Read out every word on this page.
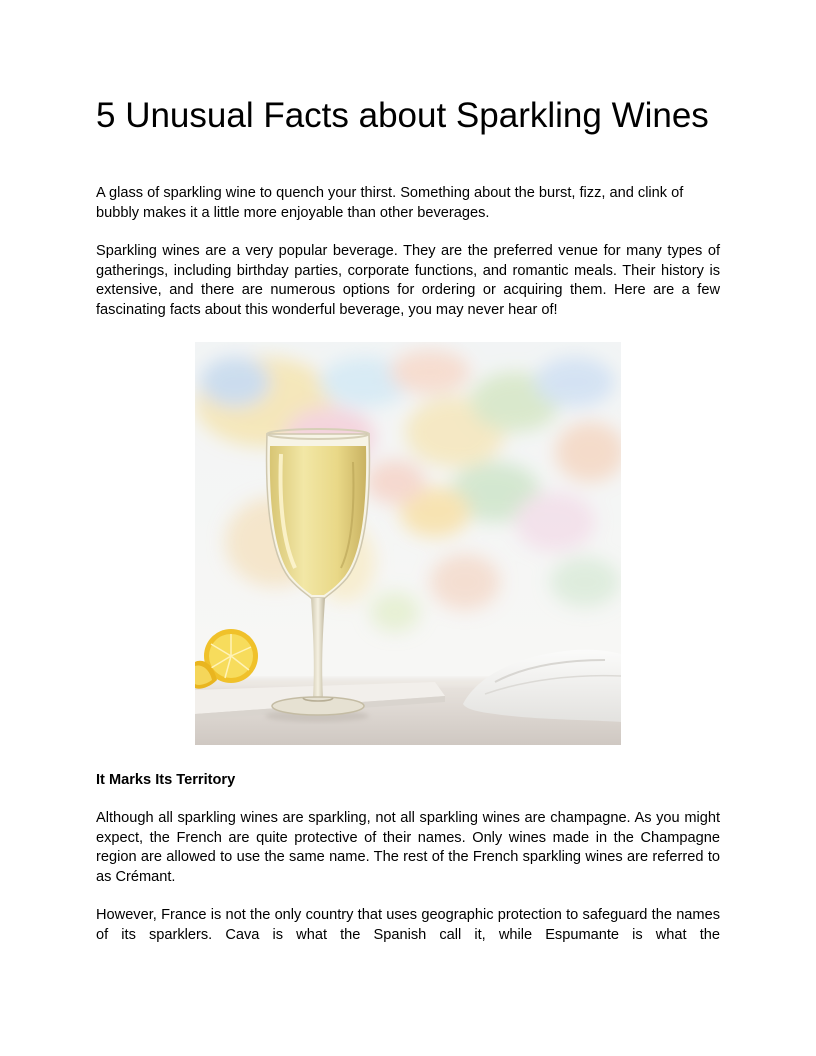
5 Unusual Facts about Sparkling Wines

A glass of sparkling wine to quench your thirst. Something about the burst, fizz, and clink of bubbly makes it a little more enjoyable than other beverages.

Sparkling wines are a very popular beverage. They are the preferred venue for many types of gatherings, including birthday parties, corporate functions, and romantic meals. Their history is extensive, and there are numerous options for ordering or acquiring them. Here are a few fascinating facts about this wonderful beverage, you may never hear of!

It Marks Its Territory

Although all sparkling wines are sparkling, not all sparkling wines are champagne. As you might expect, the French are quite protective of their names. Only wines made in the Champagne region are allowed to use the same name. The rest of the French sparkling wines are referred to as Crémant.

However, France is not the only country that uses geographic protection to safeguard the names of its sparklers. Cava is what the Spanish call it, while Espumante is what the
